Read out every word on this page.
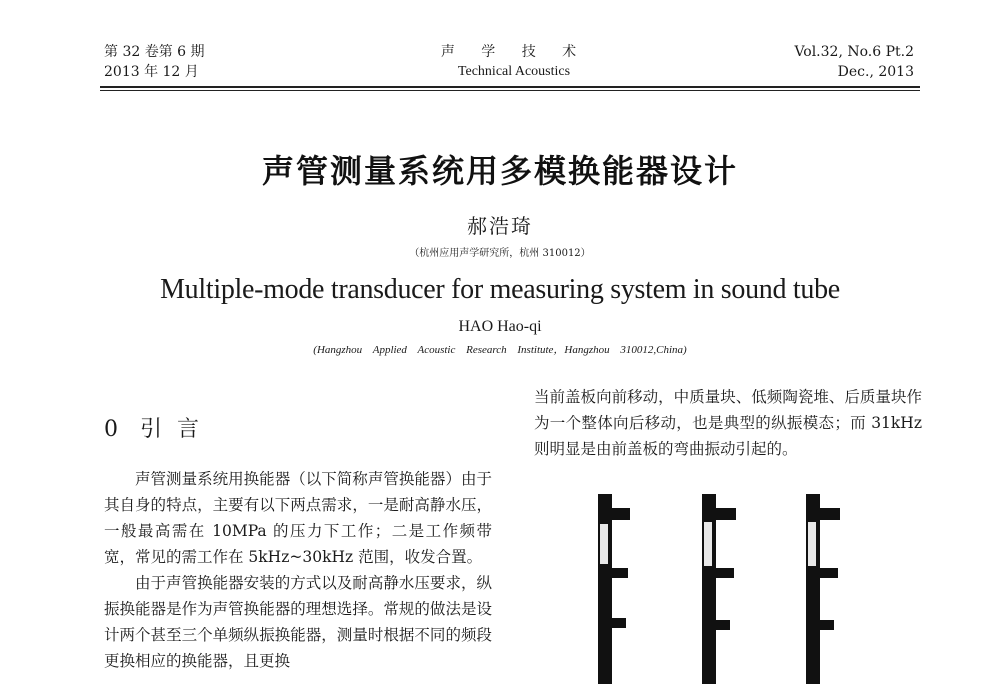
第 32 卷第 6 期
2013 年 12 月
声 学 技 术
Technical Acoustics
Vol.32, No.6 Pt.2
Dec., 2013
声管测量系统用多模换能器设计
郝浩琦
（杭州应用声学研究所，杭州 310012）
Multiple-mode transducer for measuring system in sound tube
HAO Hao-qi
(Hangzhou Applied Acoustic Research Institute，Hangzhou 310012,China)
0 引 言

声管测量系统用换能器（以下简称声管换能器）由于其自身的特点，主要有以下两点需求，一是耐高静水压，一般最高需在 10MPa 的压力下工作；二是工作频带宽，常见的需工作在 5kHz~30kHz 范围，收发合置。

由于声管换能器安装的方式以及耐高静水压要求，纵振换能器是作为声管换能器的理想选择。常规的做法是设计两个甚至三个单频纵振换能器，测量时根据不同的频段更换相应的换能器，且更换

当前盖板向前移动，中质量块、低频陶瓷堆、后质量块作为一个整体向后移动，也是典型的纵振模态；而 31kHz 则明显是由前盖板的弯曲振动引起的。
